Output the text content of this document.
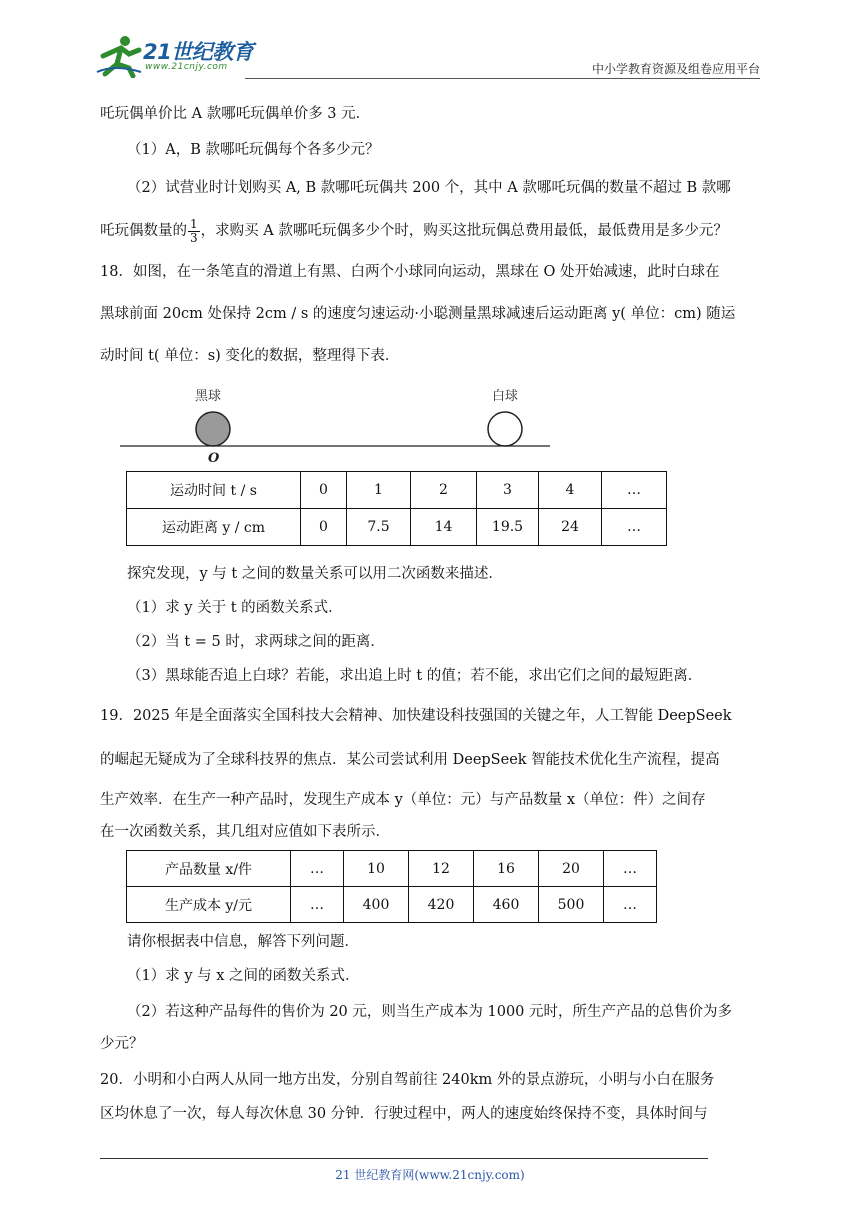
21世纪教育
www.21cnjy.com	中小学教育资源及组卷应用平台
吒玩偶单价比 A 款哪吒玩偶单价多 3 元．
（1）A，B 款哪吒玩偶每个各多少元？
（2）试营业时计划购买 A, B 款哪吒玩偶共 200 个，其中 A 款哪吒玩偶的数量不超过 B 款哪
吒玩偶数量的 $\frac{1}{3}$ ，求购买 A 款哪吒玩偶多少个时，购买这批玩偶总费用最低，最低费用是多少元？
18．如图，在一条笔直的滑道上有黑、白两个小球同向运动，黑球在 O 处开始减速，此时白球在
黑球前面 20cm 处保持 2cm / s 的速度匀速运动·小聪测量黑球减速后运动距离 y( 单位：cm) 随运
动时间 t( 单位：s) 变化的数据，整理得下表．
黑球	白球
O
运动时间 t / s	0	1	2	3	4	…
运动距离 y / cm	0	7.5	14	19.5	24	…
探究发现，y 与 t 之间的数量关系可以用二次函数来描述．
（1）求 y 关于 t 的函数关系式．
（2）当 t = 5 时，求两球之间的距离．
（3）黑球能否追上白球？若能，求出追上时 t 的值；若不能，求出它们之间的最短距离．
19．2025 年是全面落实全国科技大会精神、加快建设科技强国的关键之年，人工智能 DeepSeek
的崛起无疑成为了全球科技界的焦点．某公司尝试利用 DeepSeek 智能技术优化生产流程，提高
生产效率．在生产一种产品时，发现生产成本 y（单位：元）与产品数量 x（单位：件）之间存
在一次函数关系，其几组对应值如下表所示．
产品数量 x/件	…	10	12	16	20	…
生产成本 y/元	…	400	420	460	500	…
请你根据表中信息，解答下列问题．
（1）求 y 与 x 之间的函数关系式．
（2）若这种产品每件的售价为 20 元，则当生产成本为 1000 元时，所生产产品的总售价为多
少元？
20．小明和小白两人从同一地方出发，分别自驾前往 240km 外的景点游玩，小明与小白在服务
区均休息了一次，每人每次休息 30 分钟．行驶过程中，两人的速度始终保持不变，具体时间与
21 世纪教育网(www.21cnjy.com)
